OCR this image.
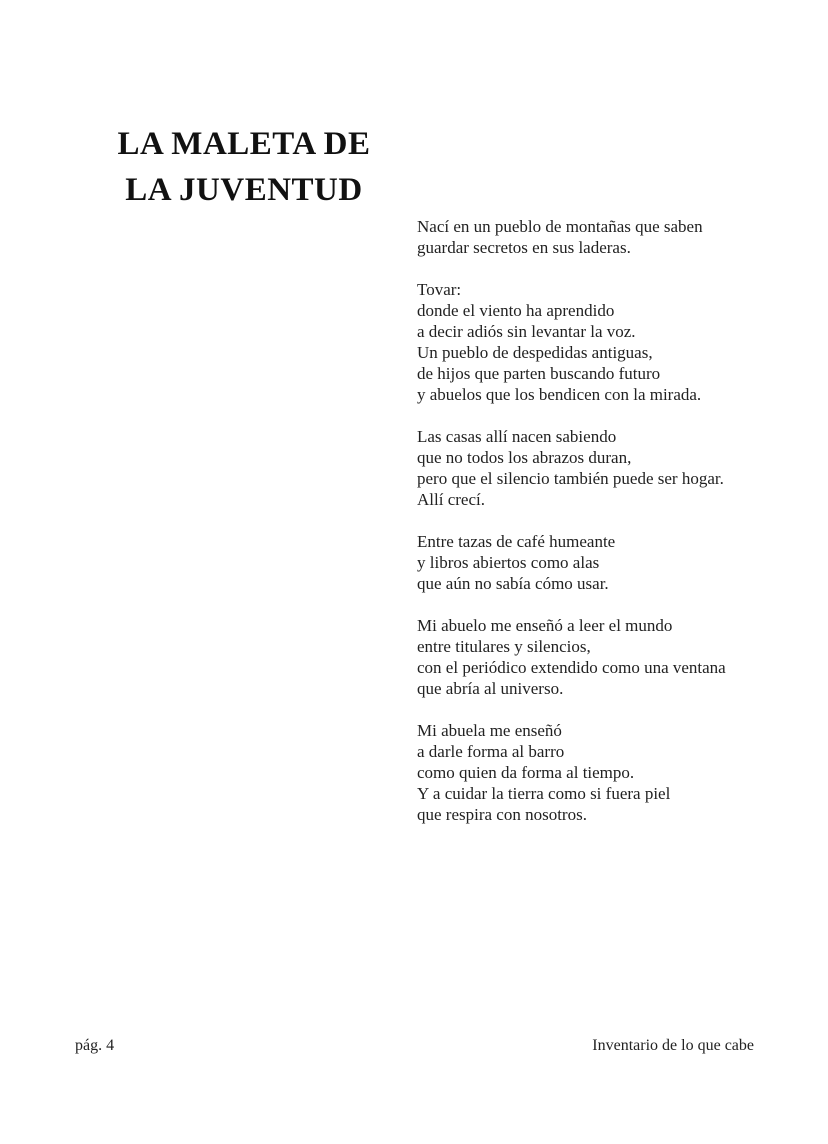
LA MALETA DE
LA JUVENTUD

Nací en un pueblo de montañas que saben
guardar secretos en sus laderas.

Tovar:
donde el viento ha aprendido
a decir adiós sin levantar la voz.
Un pueblo de despedidas antiguas,
de hijos que parten buscando futuro
y abuelos que los bendicen con la mirada.

Las casas allí nacen sabiendo
que no todos los abrazos duran,
pero que el silencio también puede ser hogar.
Allí crecí.

Entre tazas de café humeante
y libros abiertos como alas
que aún no sabía cómo usar.

Mi abuelo me enseñó a leer el mundo
entre titulares y silencios,
con el periódico extendido como una ventana
que abría al universo.

Mi abuela me enseñó
a darle forma al barro
como quien da forma al tiempo.
Y a cuidar la tierra como si fuera piel
que respira con nosotros.

pág. 4	Inventario de lo que cabe
